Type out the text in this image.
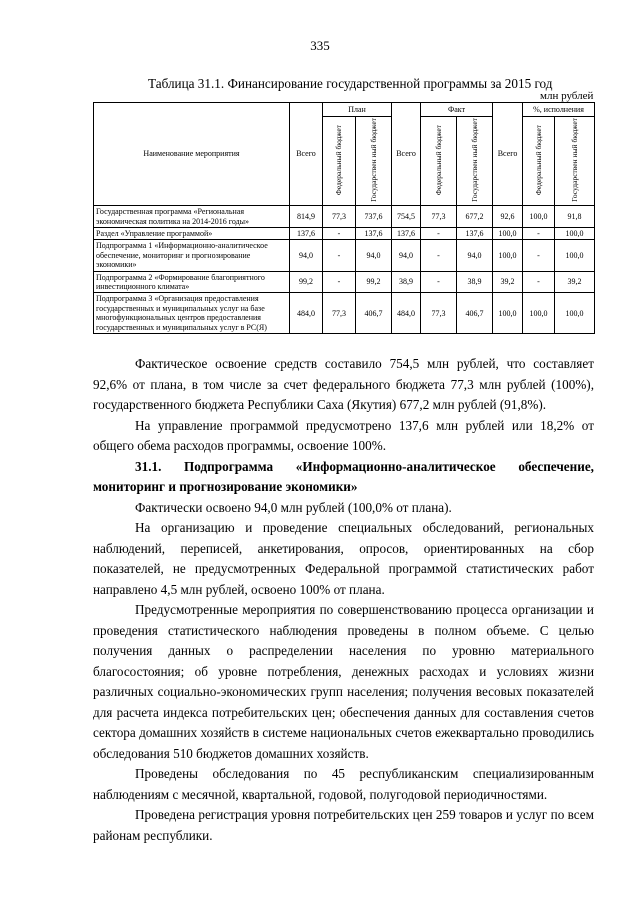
335
Таблица 31.1. Финансирование государственной программы за 2015 год
млн рублей
Наименование мероприятия	Всего	План		Всего	Факт		Всего	%, исполнения	
		Федеральный бюджет	Государствен ный бюджет		Федеральный бюджет	Государствен ный бюджет		Федеральный бюджет	Государствен ный бюджет
Государственная программа «Региональная экономическая политика на 2014-2016 годы»	814,9	77,3	737,6	754,5	77,3	677,2	92,6	100,0	91,8
Раздел «Управление программой»	137,6	-	137,6	137,6	-	137,6	100,0	-	100,0
Подпрограмма 1 «Информационно-аналитическое обеспечение, мониторинг и прогнозирование экономики»	94,0	-	94,0	94,0	-	94,0	100,0	-	100,0
Подпрограмма 2 «Формирование благоприятного инвестиционного климата»	99,2	-	99,2	38,9	-	38,9	39,2	-	39,2
Подпрограмма 3 «Организация предоставления государственных и муниципальных услуг на базе многофункциональных центров предоставления государственных и муниципальных услуг в РС(Я)	484,0	77,3	406,7	484,0	77,3	406,7	100,0	100,0	100,0

Фактическое освоение средств составило 754,5 млн рублей, что составляет 92,6% от плана, в том числе за счет федерального бюджета 77,3 млн рублей (100%), государственного бюджета Республики Саха (Якутия) 677,2 млн рублей (91,8%).

На управление программой предусмотрено 137,6 млн рублей или 18,2% от общего обема расходов программы, освоение 100%.

31.1. Подпрограмма «Информационно-аналитическое обеспечение,
мониторинг и прогнозирование экономики»

Фактически освоено 94,0 млн рублей (100,0% от плана).

На организацию и проведение специальных обследований, региональных наблюдений, переписей, анкетирования, опросов, ориентированных на сбор показателей, не предусмотренных Федеральной программой статистических работ направлено 4,5 млн рублей, освоено 100% от плана.

Предусмотренные мероприятия по совершенствованию процесса организации и проведения статистического наблюдения проведены в полном объеме. С целью получения данных о распределении населения по уровню материального благосостояния; об уровне потребления, денежных расходах и условиях жизни различных социально-экономических групп населения; получения весовых показателей для расчета индекса потребительских цен; обеспечения данных для составления счетов сектора домашних хозяйств в системе национальных счетов ежеквартально проводились обследования 510 бюджетов домашних хозяйств.

Проведены обследования по 45 республиканским специализированным наблюдениям с месячной, квартальной, годовой, полугодовой периодичностями.

Проведена регистрация уровня потребительских цен 259 товаров и услуг по всем районам республики.
